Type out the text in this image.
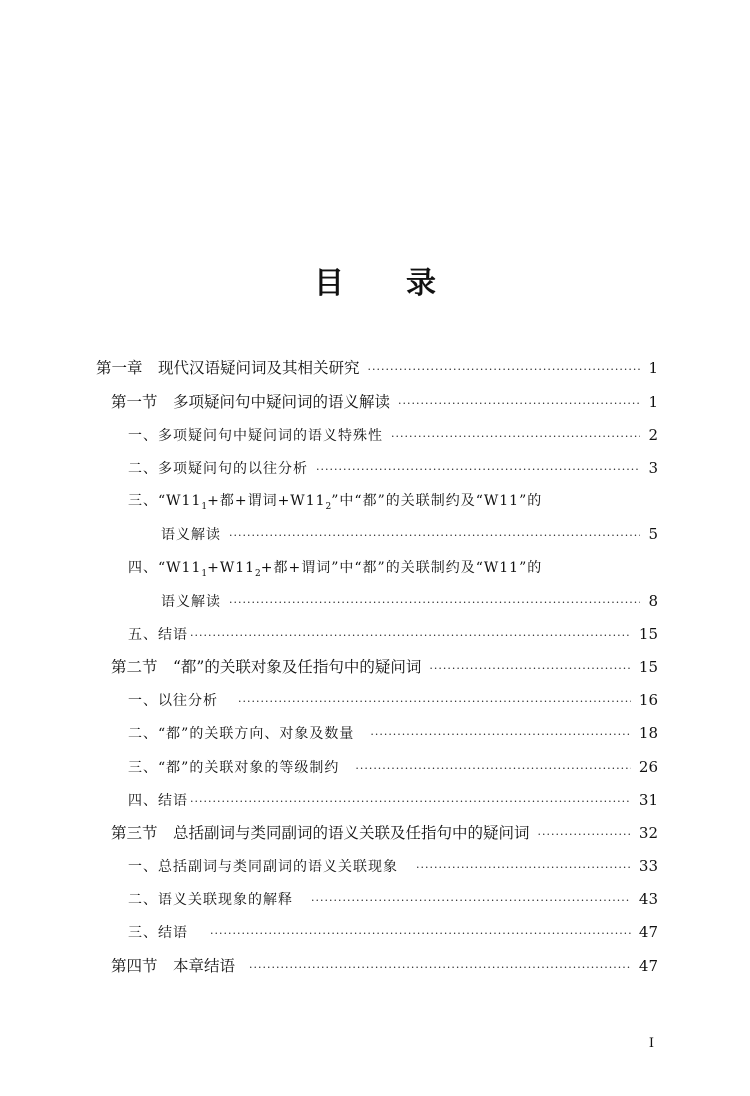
目 录
第一章　现代汉语疑问词及其相关研究 ·····	1
第一节　多项疑问句中疑问词的语义解读 ·····	1
一、多项疑问句中疑问词的语义特殊性 ·····	2
二、多项疑问句的以往分析 ·····	3
三、“$W11_1+$都+谓词$+W11_2$”中“都”的关联制约及“W11”的
语义解读 ·····	5
四、“$W11_1+W11_2+$都+谓词”中“都”的关联制约及“W11”的
语义解读 ·····	8
五、结语 ·····	15
第二节　“都”的关联对象及任指句中的疑问词 ·····	15
一、以往分析 ·····	16
二、“都”的关联方向、对象及数量 ·····	18
三、“都”的关联对象的等级制约 ·····	26
四、结语 ·····	31
第三节　总括副词与类同副词的语义关联及任指句中的疑问词 ·····	32
一、总括副词与类同副词的语义关联现象 ·····	33
二、语义关联现象的解释 ·····	43
三、结语 ·····	47
第四节　本章结语 ·····	47
I
